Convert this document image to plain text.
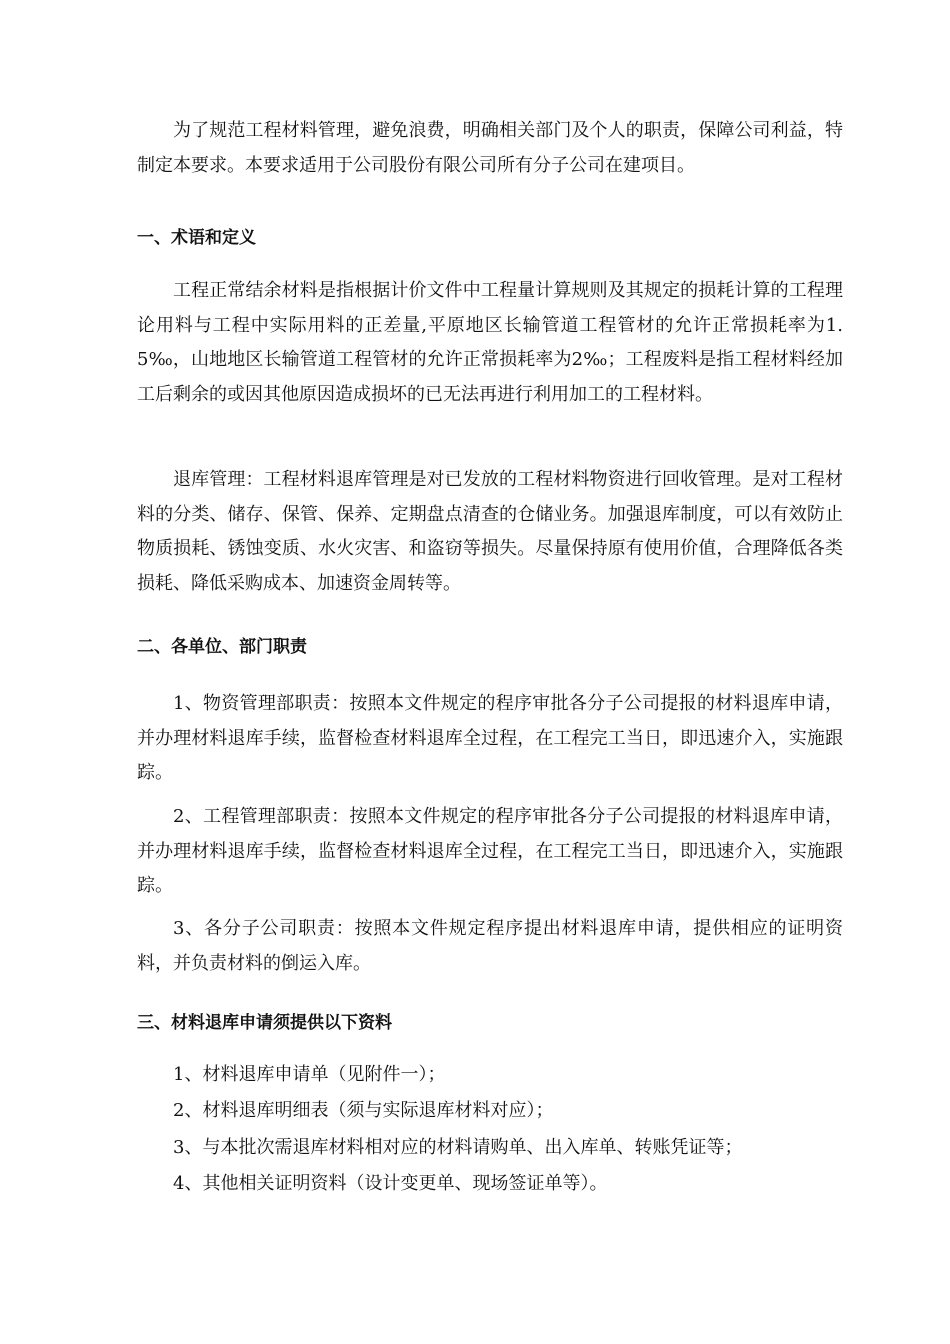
为了规范工程材料管理，避免浪费，明确相关部门及个人的职责，保障公司利益，特制定本要求。本要求适用于公司股份有限公司所有分子公司在建项目。

一、术语和定义

工程正常结余材料是指根据计价文件中工程量计算规则及其规定的损耗计算的工程理论用料与工程中实际用料的正差量,平原地区长输管道工程管材的允许正常损耗率为1.5‰，山地地区长输管道工程管材的允许正常损耗率为2‰；工程废料是指工程材料经加工后剩余的或因其他原因造成损坏的已无法再进行利用加工的工程材料。

退库管理：工程材料退库管理是对已发放的工程材料物资进行回收管理。是对工程材料的分类、储存、保管、保养、定期盘点清查的仓储业务。加强退库制度，可以有效防止物质损耗、锈蚀变质、水火灾害、和盗窃等损失。尽量保持原有使用价值，合理降低各类损耗、降低采购成本、加速资金周转等。

二、各单位、部门职责

1、物资管理部职责：按照本文件规定的程序审批各分子公司提报的材料退库申请，并办理材料退库手续，监督检查材料退库全过程，在工程完工当日，即迅速介入，实施跟踪。

2、工程管理部职责：按照本文件规定的程序审批各分子公司提报的材料退库申请，并办理材料退库手续，监督检查材料退库全过程，在工程完工当日，即迅速介入，实施跟踪。

3、各分子公司职责：按照本文件规定程序提出材料退库申请，提供相应的证明资料，并负责材料的倒运入库。

三、材料退库申请须提供以下资料
1、材料退库申请单（见附件一）；
2、材料退库明细表（须与实际退库材料对应）；
3、与本批次需退库材料相对应的材料请购单、出入库单、转账凭证等；
4、其他相关证明资料（设计变更单、现场签证单等）。
